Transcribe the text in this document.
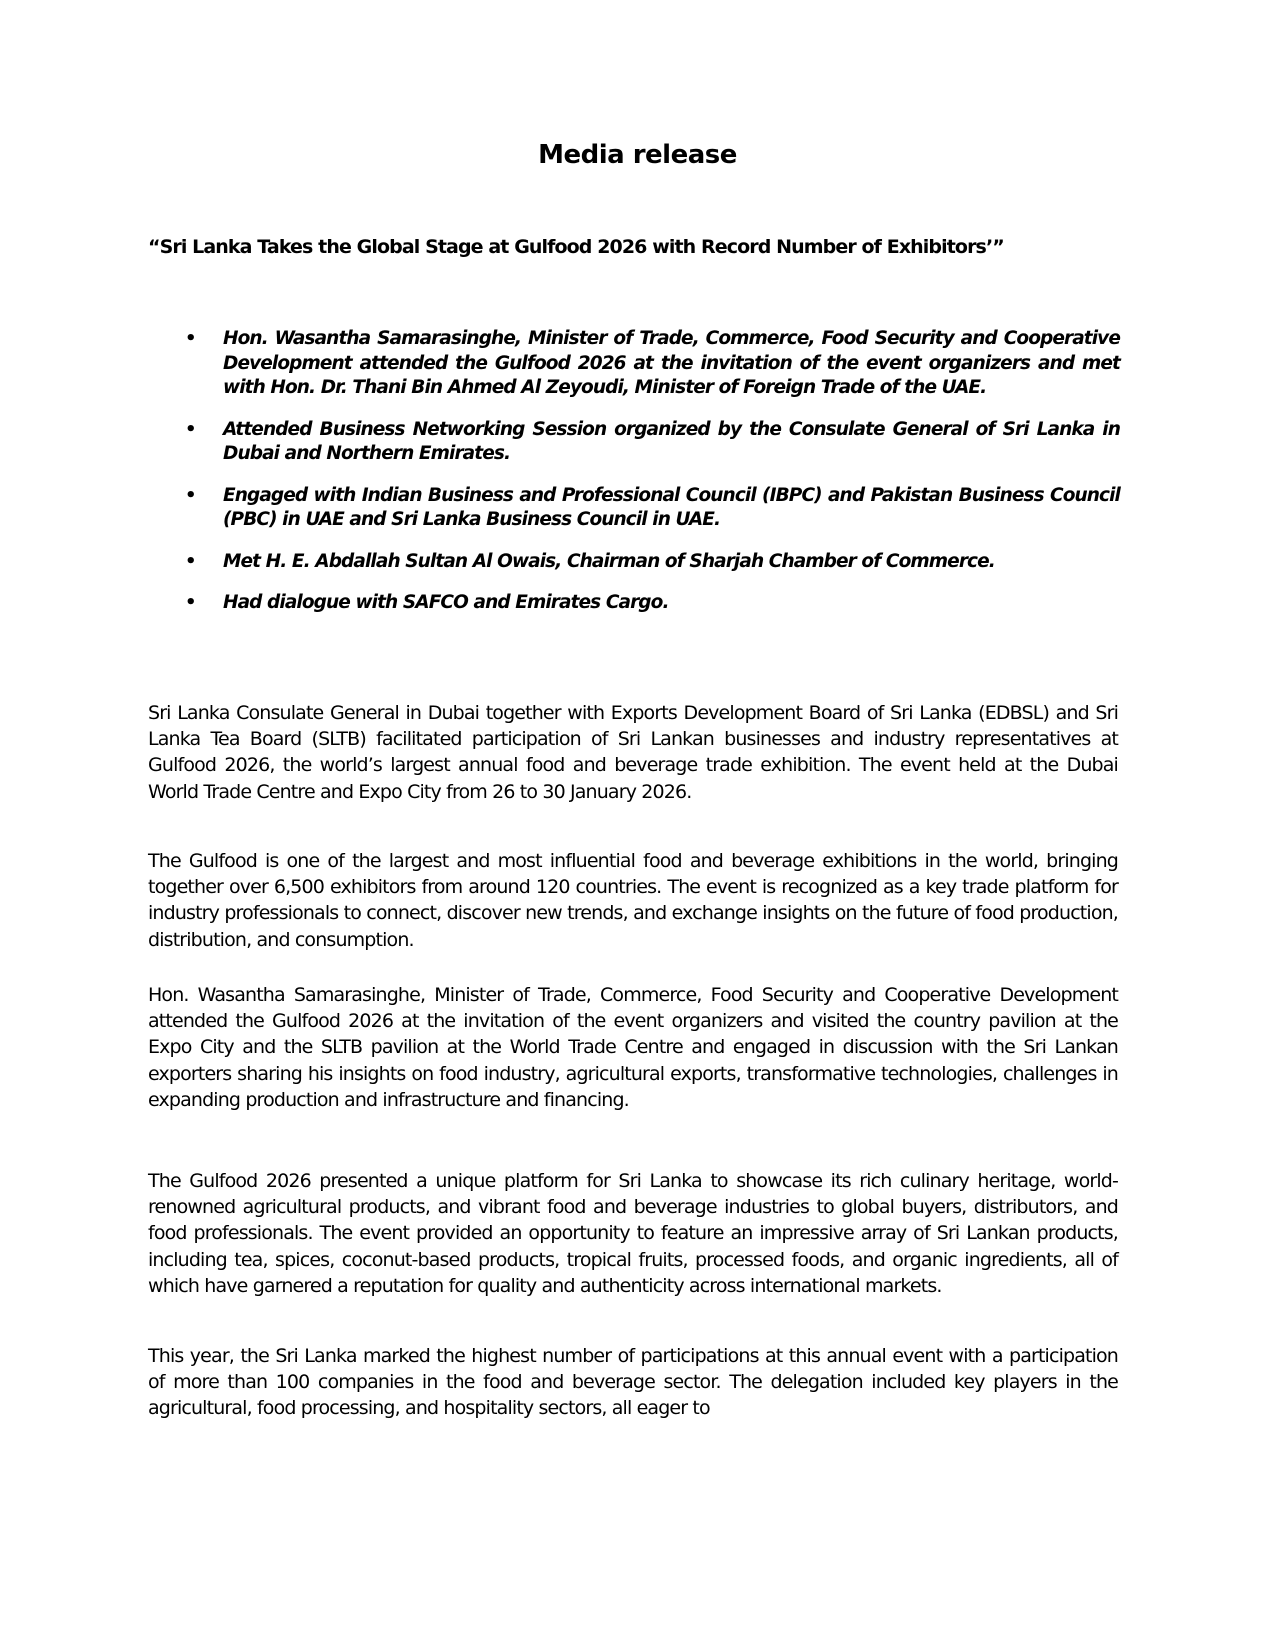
Media release
“Sri Lanka Takes the Global Stage at Gulfood 2026 with Record Number of Exhibitors’”
• Hon. Wasantha Samarasinghe, Minister of Trade, Commerce, Food Security and Cooperative Development attended the Gulfood 2026 at the invitation of the event organizers and met with Hon. Dr. Thani Bin Ahmed Al Zeyoudi, Minister of Foreign Trade of the UAE.
• Attended Business Networking Session organized by the Consulate General of Sri Lanka in Dubai and Northern Emirates.
• Engaged with Indian Business and Professional Council (IBPC) and Pakistan Business Council (PBC) in UAE and Sri Lanka Business Council in UAE.
• Met H. E. Abdallah Sultan Al Owais, Chairman of Sharjah Chamber of Commerce.
• Had dialogue with SAFCO and Emirates Cargo.

Sri Lanka Consulate General in Dubai together with Exports Development Board of Sri Lanka (EDBSL) and Sri Lanka Tea Board (SLTB) facilitated participation of Sri Lankan businesses and industry representatives at Gulfood 2026, the world’s largest annual food and beverage trade exhibition. The event held at the Dubai World Trade Centre and Expo City from 26 to 30 January 2026.

The Gulfood is one of the largest and most influential food and beverage exhibitions in the world, bringing together over 6,500 exhibitors from around 120 countries. The event is recognized as a key trade platform for industry professionals to connect, discover new trends, and exchange insights on the future of food production, distribution, and consumption.

Hon. Wasantha Samarasinghe, Minister of Trade, Commerce, Food Security and Cooperative Development attended the Gulfood 2026 at the invitation of the event organizers and visited the country pavilion at the Expo City and the SLTB pavilion at the World Trade Centre and engaged in discussion with the Sri Lankan exporters sharing his insights on food industry, agricultural exports, transformative technologies, challenges in expanding production and infrastructure and financing.

The Gulfood 2026 presented a unique platform for Sri Lanka to showcase its rich culinary heritage, world-renowned agricultural products, and vibrant food and beverage industries to global buyers, distributors, and food professionals. The event provided an opportunity to feature an impressive array of Sri Lankan products, including tea, spices, coconut-based products, tropical fruits, processed foods, and organic ingredients, all of which have garnered a reputation for quality and authenticity across international markets.

This year, the Sri Lanka marked the highest number of participations at this annual event with a participation of more than 100 companies in the food and beverage sector. The delegation included key players in the agricultural, food processing, and hospitality sectors, all eager to
